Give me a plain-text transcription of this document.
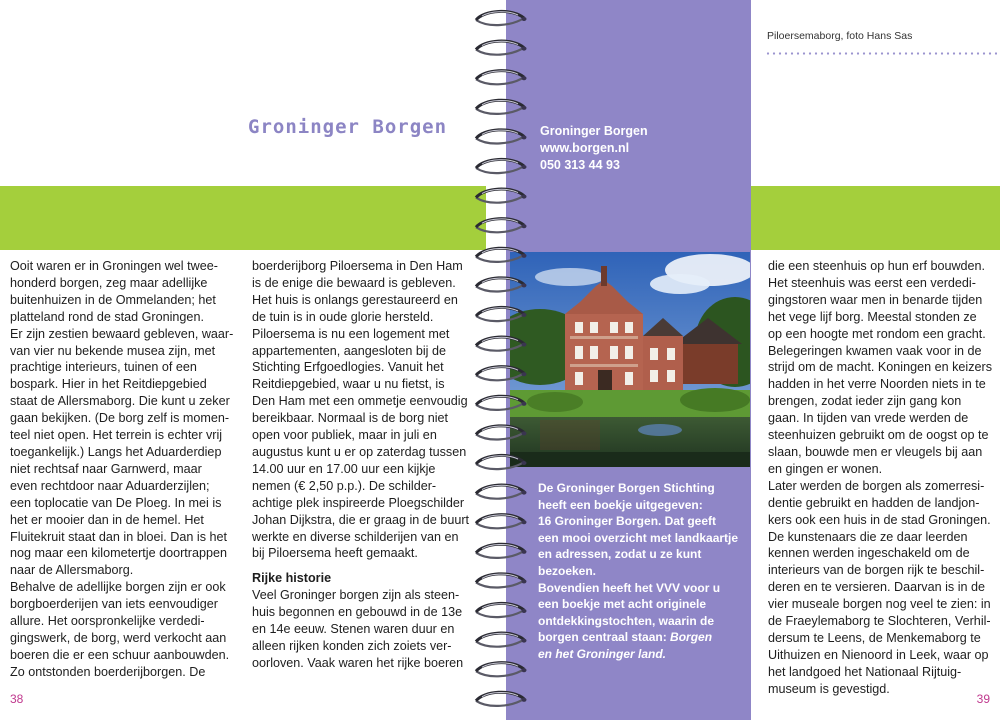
Groninger Borgen	Groninger Borgen
www.borgen.nl
050 313 44 93
Piloersemaborg, foto Hans Sas

Ooit waren er in Groningen wel twee-

honderd borgen, zeg maar adellijke

buitenhuizen in de Ommelanden; het

platteland rond de stad Groningen.

Er zijn zestien bewaard gebleven, waar-

van vier nu bekende musea zijn, met

prachtige interieurs, tuinen of een

bospark. Hier in het Reitdiepgebied

staat de Allersmaborg. Die kunt u zeker

gaan bekijken. (De borg zelf is momen-

teel niet open. Het terrein is echter vrij

toegankelijk.) Langs het Aduarderdiep

niet rechtsaf naar Garnwerd, maar

even rechtdoor naar Aduarderzijlen;

een toplocatie van De Ploeg. In mei is

het er mooier dan in de hemel. Het

Fluitekruit staat dan in bloei. Dan is het

nog maar een kilometertje doortrappen

naar de Allersmaborg.

Behalve de adellijke borgen zijn er ook

borgboerderijen van iets eenvoudiger

allure. Het oorspronkelijke verdedi-

gingswerk, de borg, werd verkocht aan

boeren die er een schuur aanbouwden.

Zo ontstonden boerderijborgen. De

boerderijborg Piloersema in Den Ham

is de enige die bewaard is gebleven.

Het huis is onlangs gerestaureerd en

de tuin is in oude glorie hersteld.

Piloersema is nu een logement met

appartementen, aangesloten bij de

Stichting Erfgoedlogies. Vanuit het

Reitdiepgebied, waar u nu fietst, is

Den Ham met een ommetje eenvoudig

bereikbaar. Normaal is de borg niet

open voor publiek, maar in juli en

augustus kunt u er op zaterdag tussen

14.00 uur en 17.00 uur een kijkje

nemen (€ 2,50 p.p.). De schilder-

achtige plek inspireerde Ploegschilder

Johan Dijkstra, die er graag in de buurt

werkte en diverse schilderijen van en

bij Piloersema heeft gemaakt.

Rijke historie

Veel Groninger borgen zijn als steen-

huis begonnen en gebouwd in de 13e

en 14e eeuw. Stenen waren duur en

alleen rijken konden zich zoiets ver-

oorloven. Vaak waren het rijke boeren

De Groninger Borgen Stichting

heeft een boekje uitgegeven:

16 Groninger Borgen. Dat geeft

een mooi overzicht met landkaartje

en adressen, zodat u ze kunt

bezoeken.

Bovendien heeft het VVV voor u

een boekje met acht originele

ontdekkingstochten, waarin de

borgen centraal staan: Borgen

en het Groninger land.

die een steenhuis op hun erf bouwden.

Het steenhuis was eerst een verdedi-

gingstoren waar men in benarde tijden

het vege lijf borg. Meestal stonden ze

op een hoogte met rondom een gracht.

Belegeringen kwamen vaak voor in de

strijd om de macht. Koningen en keizers

hadden in het verre Noorden niets in te

brengen, zodat ieder zijn gang kon

gaan. In tijden van vrede werden de

steenhuizen gebruikt om de oogst op te

slaan, bouwde men er vleugels bij aan

en gingen er wonen.

Later werden de borgen als zomerresi-

dentie gebruikt en hadden de landjon-

kers ook een huis in de stad Groningen.

De kunstenaars die ze daar leerden

kennen werden ingeschakeld om de

interieurs van de borgen rijk te beschil-

deren en te versieren. Daarvan is in de

vier museale borgen nog veel te zien: in

de Fraeylemaborg te Slochteren, Verhil-

dersum te Leens, de Menkemaborg te

Uithuizen en Nienoord in Leek, waar op

het landgoed het Nationaal Rijtuig-

museum is gevestigd.

38	39
